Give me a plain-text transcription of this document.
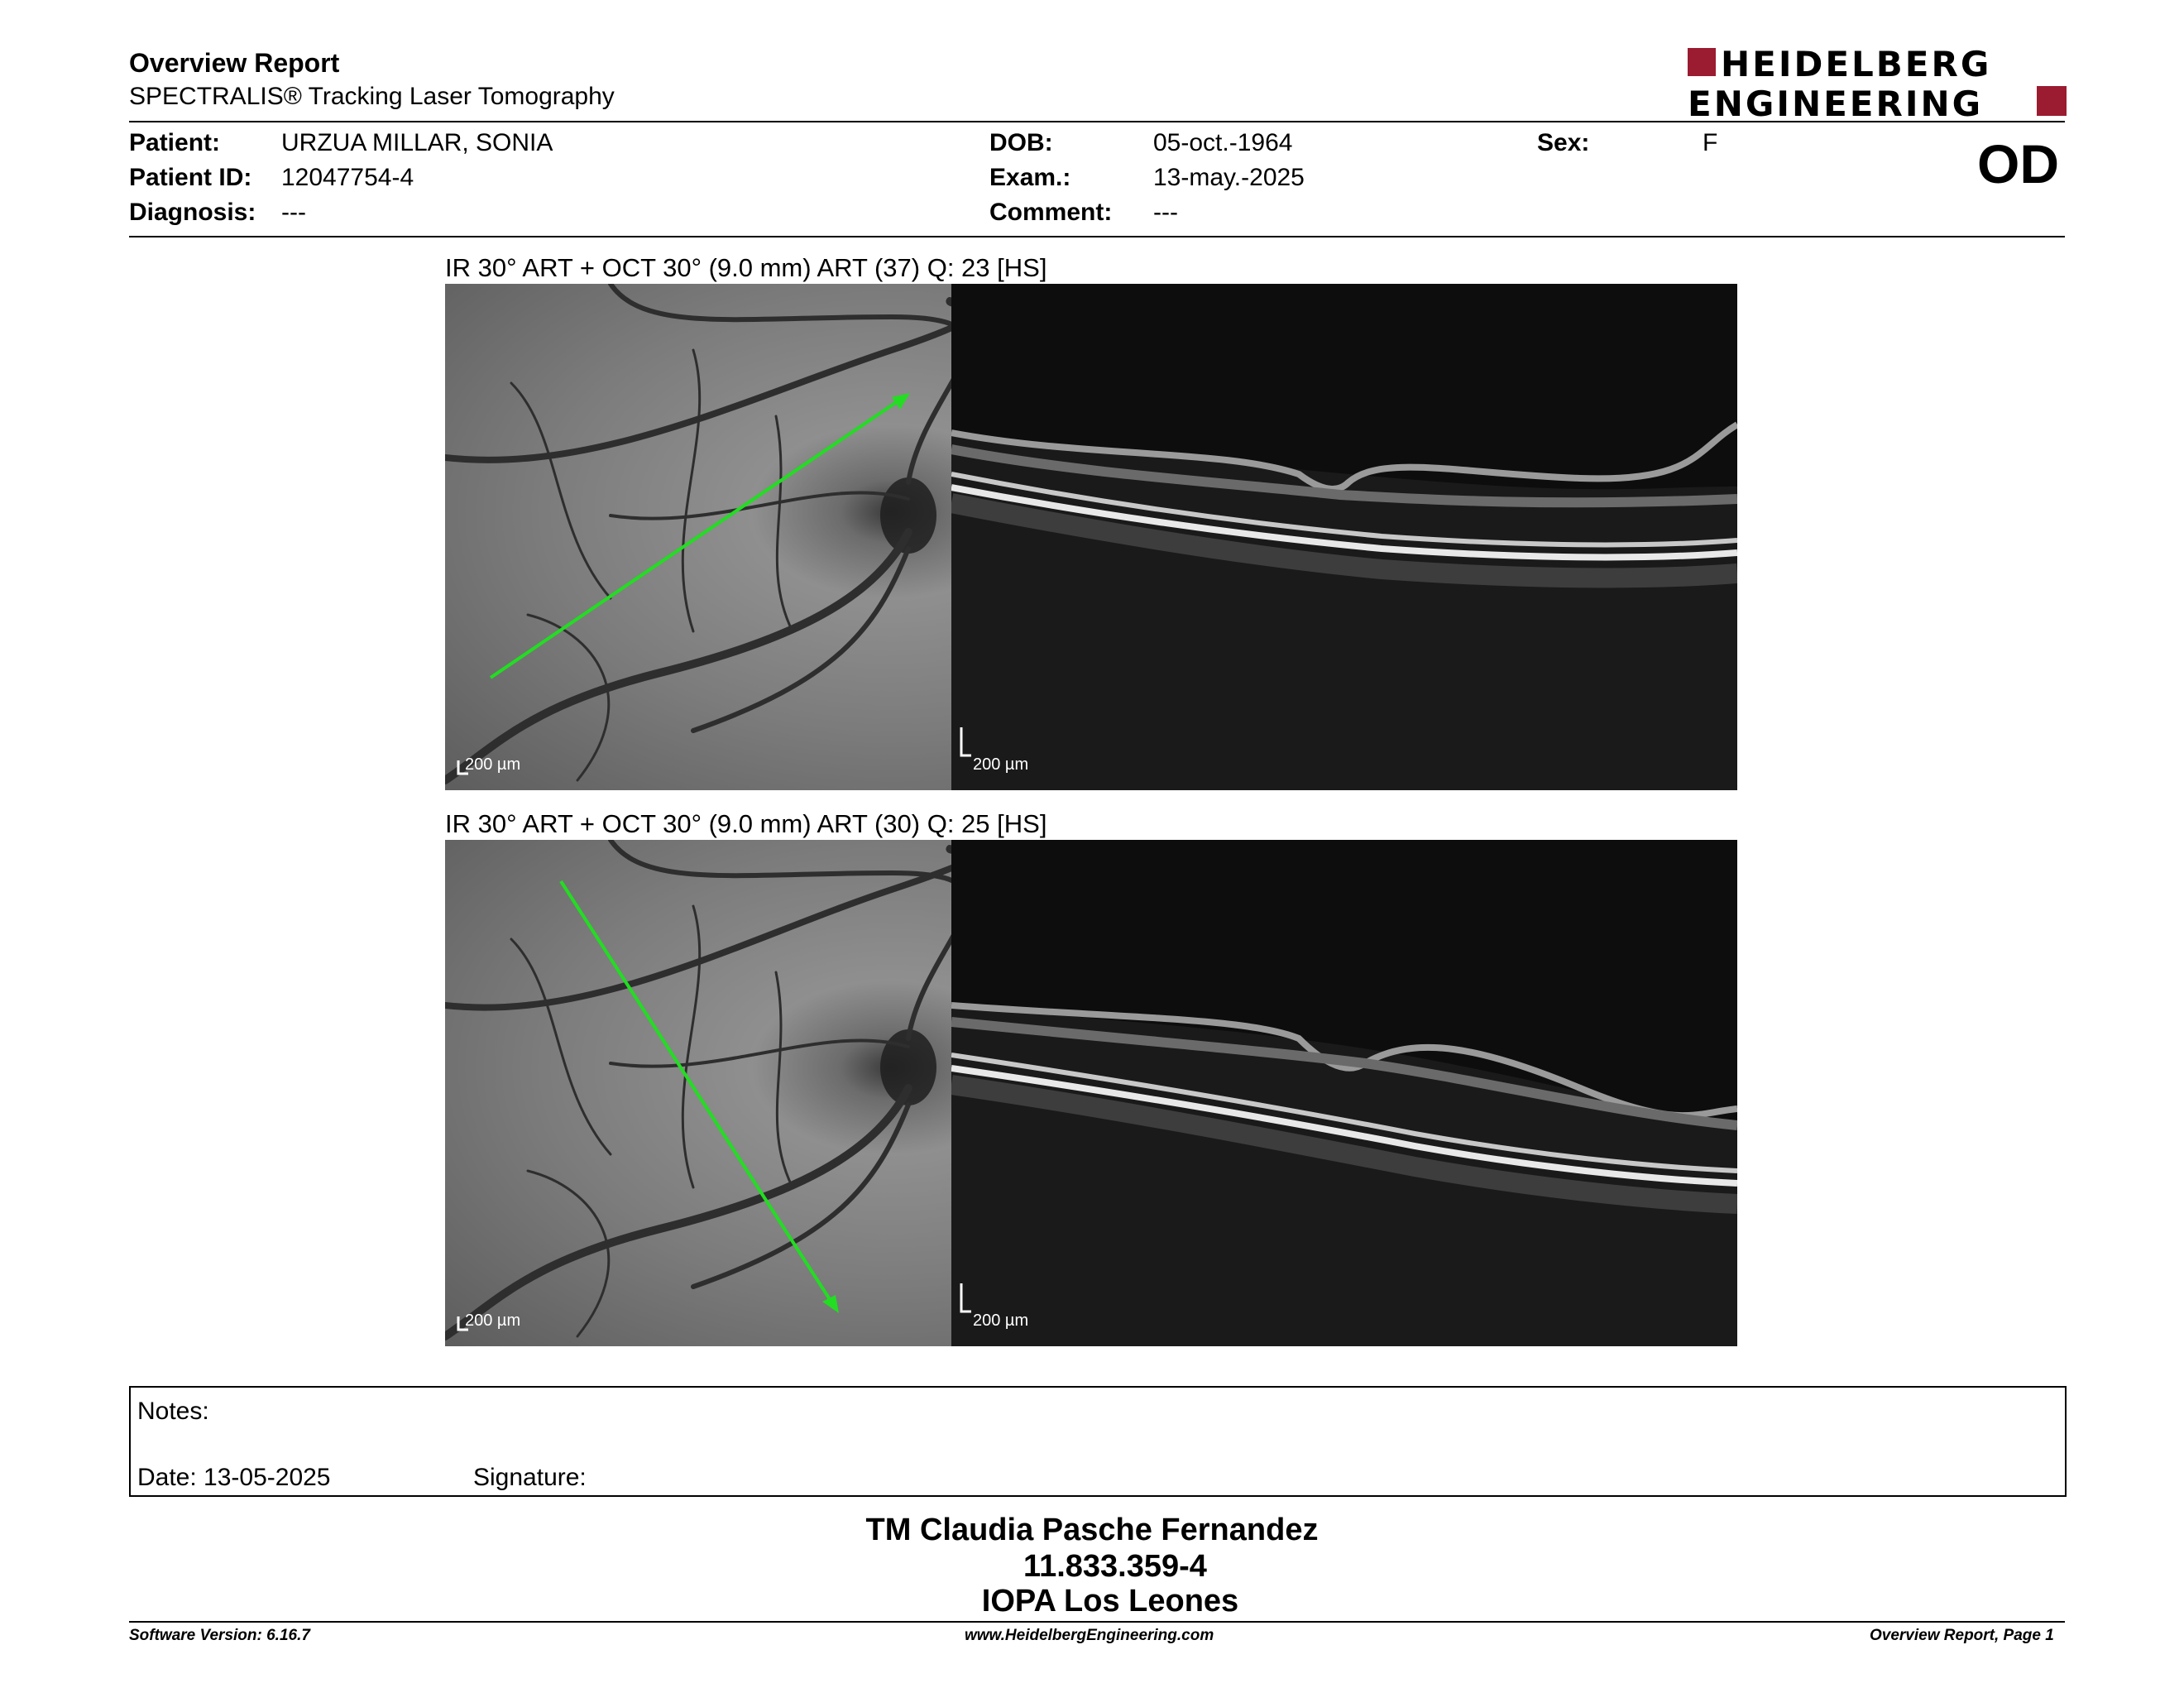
Overview Report
SPECTRALIS® Tracking Laser Tomography
HEIDELBERG
ENGINEERING
Patient: URZUA MILLAR, SONIA
Patient ID: 12047754-4
Diagnosis: ---
DOB:	05-oct.-1964
Exam.:	13-may.-2025
Comment: ---
Sex:	F	OD
IR 30° ART + OCT 30° (9.0 mm) ART (37) Q: 23 [HS]
200 µm	200 µm
IR 30° ART + OCT 30° (9.0 mm) ART (30) Q: 25 [HS]
200 µm	200 µm
Notes:
Date: 13-05-2025	Signature:
TM Claudia Pasche Fernandez
11.833.359-4
IOPA Los Leones
Software Version: 6.16.7	www.HeidelbergEngineering.com	Overview Report, Page 1
